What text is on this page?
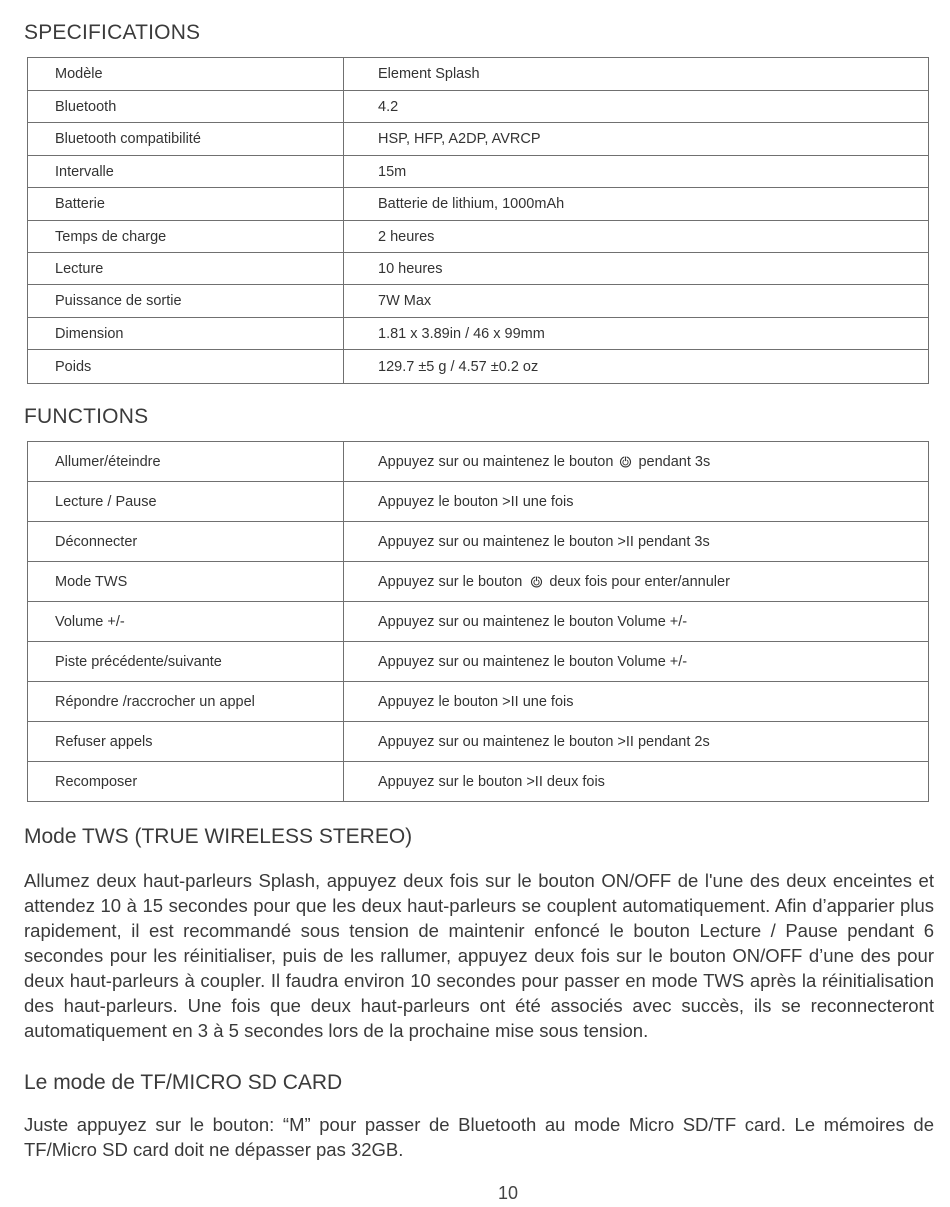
SPECIFICATIONS
Modèle	Element Splash
Bluetooth	4.2
Bluetooth compatibilité	HSP, HFP, A2DP, AVRCP
Intervalle	15m
Batterie	Batterie de lithium, 1000mAh
Temps de charge	2 heures
Lecture	10 heures
Puissance de sortie	7W Max
Dimension	1.81 x 3.89in / 46 x 99mm
Poids	129.7 ±5 g / 4.57 ±0.2 oz
FUNCTIONS
Allumer/éteindre	Appuyez sur ou maintenez le bouton pendant 3s
Lecture / Pause	Appuyez le bouton >II une fois
Déconnecter	Appuyez sur ou maintenez le bouton >II pendant 3s
Mode TWS	Appuyez sur le bouton deux fois pour enter/annuler
Volume +/-	Appuyez sur ou maintenez le bouton Volume +/-
Piste précédente/suivante	Appuyez sur ou maintenez le bouton Volume +/-
Répondre /raccrocher un appel	Appuyez le bouton >II une fois
Refuser appels	Appuyez sur ou maintenez le bouton >II pendant 2s
Recomposer	Appuyez sur le bouton >II deux fois
Mode TWS (TRUE WIRELESS STEREO)

Allumez deux haut-parleurs Splash, appuyez deux fois sur le bouton ON/OFF de l'une des deux enceintes et attendez 10 à 15 secondes pour que les deux haut-parleurs se couplent automatiquement. Afin d’apparier plus rapidement, il est recommandé sous tension de maintenir enfoncé le bouton Lecture / Pause pendant 6 secondes pour les réinitialiser, puis de les rallumer, appuyez deux fois sur le bouton ON/OFF d’une des pour deux haut-parleurs à coupler. Il faudra environ 10 secondes pour passer en mode TWS après la réinitialisation des haut-parleurs. Une fois que deux haut-parleurs ont été associés avec succès, ils se reconnecteront automatiquement en 3 à 5 secondes lors de la prochaine mise sous tension.

Le mode de TF/MICRO SD CARD

Juste appuyez sur le bouton: “M” pour passer de Bluetooth au mode Micro SD/TF card. Le mémoires de TF/Micro SD card doit ne dépasser pas 32GB.

10
